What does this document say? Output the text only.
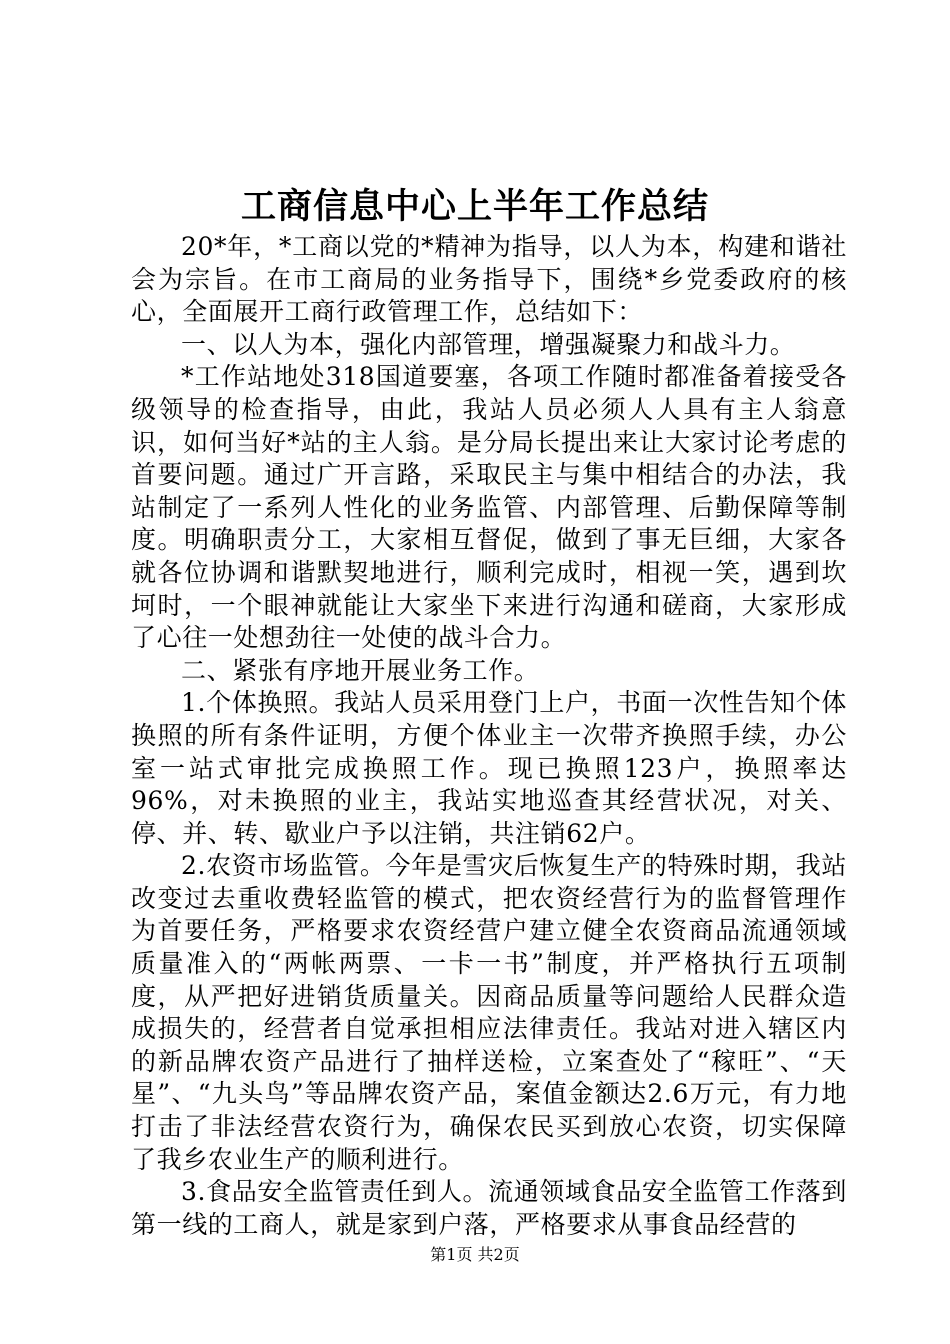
工商信息中心上半年工作总结

20*年，*工商以党的*精神为指导，以人为本，构建和谐社会为宗旨。在市工商局的业务指导下，围绕*乡党委政府的核心，全面展开工商行政管理工作，总结如下：

一、以人为本，强化内部管理，增强凝聚力和战斗力。

*工作站地处318国道要塞，各项工作随时都准备着接受各级领导的检查指导，由此，我站人员必须人人具有主人翁意识，如何当好*站的主人翁。是分局长提出来让大家讨论考虑的首要问题。通过广开言路，采取民主与集中相结合的办法，我站制定了一系列人性化的业务监管、内部管理、后勤保障等制度。明确职责分工，大家相互督促，做到了事无巨细，大家各就各位协调和谐默契地进行，顺利完成时，相视一笑，遇到坎坷时，一个眼神就能让大家坐下来进行沟通和磋商，大家形成了心往一处想劲往一处使的战斗合力。

二、紧张有序地开展业务工作。

1.个体换照。我站人员采用登门上户，书面一次性告知个体换照的所有条件证明，方便个体业主一次带齐换照手续，办公室一站式审批完成换照工作。现已换照123户，换照率达96%，对未换照的业主，我站实地巡查其经营状况，对关、停、并、转、歇业户予以注销，共注销62户。

2.农资市场监管。今年是雪灾后恢复生产的特殊时期，我站改变过去重收费轻监管的模式，把农资经营行为的监督管理作为首要任务，严格要求农资经营户建立健全农资商品流通领域质量准入的“两帐两票、一卡一书”制度，并严格执行五项制度，从严把好进销货质量关。因商品质量等问题给人民群众造成损失的，经营者自觉承担相应法律责任。我站对进入辖区内的新品牌农资产品进行了抽样送检，立案查处了“稼旺”、“天星”、“九头鸟”等品牌农资产品，案值金额达2.6万元，有力地打击了非法经营农资行为，确保农民买到放心农资，切实保障了我乡农业生产的顺利进行。

3.食品安全监管责任到人。流通领域食品安全监管工作落到第一线的工商人，就是家到户落，严格要求从事食品经营的

第1页 共2页
